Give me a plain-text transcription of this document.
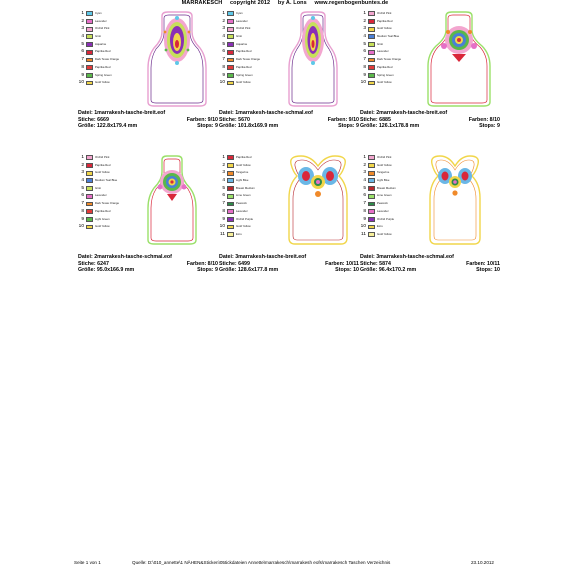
MARRAKESCH copyright 2012 by A. Lons www.regenbogenbuntes.de
1	Cyan
2	Lavendel
3	Orchid Pink
4	Grün
5	Aquarine
6	Paprika Red
7	Dark Texas Orange
8	Paprika Red
9	Spring Green
10	Gold Yellow
Datei: 1marrakesh-tasche-breit.eof
Stiche: 6669	Farben: 9/10
Größe: 122.8x179.4 mm	Stops: 9
1	Cyan
2	Lavendel
3	Orchid Pink
4	Grün
5	Aquarine
6	Paprika Red
7	Dark Texas Orange
8	Paprika Red
9	Spring Green
10	Gold Yellow
Datei: 1marrakesh-tasche-schmal.eof
Stiche: 5670	Farben: 9/10
Größe: 101.8x169.9 mm	Stops: 9
1	Orchid Pink
2	Paprika Red
3	Gold Yellow
4	Medium Teal Blue
5	Grün
6	Lavendel
7	Dark Texas Orange
8	Paprika Red
9	Spring Green
10	Gold Yellow
Datei: 2marrakesh-tasche-breit.eof
Stiche: 6885	Farben: 8/10
Größe: 126.1x178.8 mm	Stops: 9
1	Orchid Pink
2	Paprika Red
3	Gold Yellow
4	Medium Teal Blue
5	Grün
6	Lavendel
7	Dark Texas Orange
8	Paprika Red
9	Light Green
10	Gold Yellow
Datei: 2marrakesh-tasche-schmal.eof
Stiche: 6247	Farben: 8/10
Größe: 95.0x166.9 mm	Stops: 9
1	Paprika Red
2	Gold Yellow
3	Tangerine
4	Light Blue
5	Breast Medium
6	Lime Green
7	Peacock
8	Lavendel
9	Orchid Purple
10	Gold Yellow
11	Ecru
Datei: 3marrakesh-tasche-breit.eof
Stiche: 6499	Farben: 10/11
Größe: 128.6x177.8 mm	Stops: 10
1	Orchid Pink
2	Gold Yellow
3	Tangerine
4	Light Blue
5	Breast Medium
6	Lime Green
7	Peacock
8	Lavendel
9	Orchid Purple
10	Ecru
11	Gold Yellow
Datei: 3marrakesh-tasche-schmal.eof
Stiche: 5874	Farben: 10/11
Größe: 96.4x170.2 mm	Stops: 10
Seite 1 von 1	Quelle: D:\010_annette\1 NÄHEN&Sticken\05tickdateien Annette\marrakesch\marrakesh eofs\marrakesch Taschen Verzeichnis	23.10.2012
